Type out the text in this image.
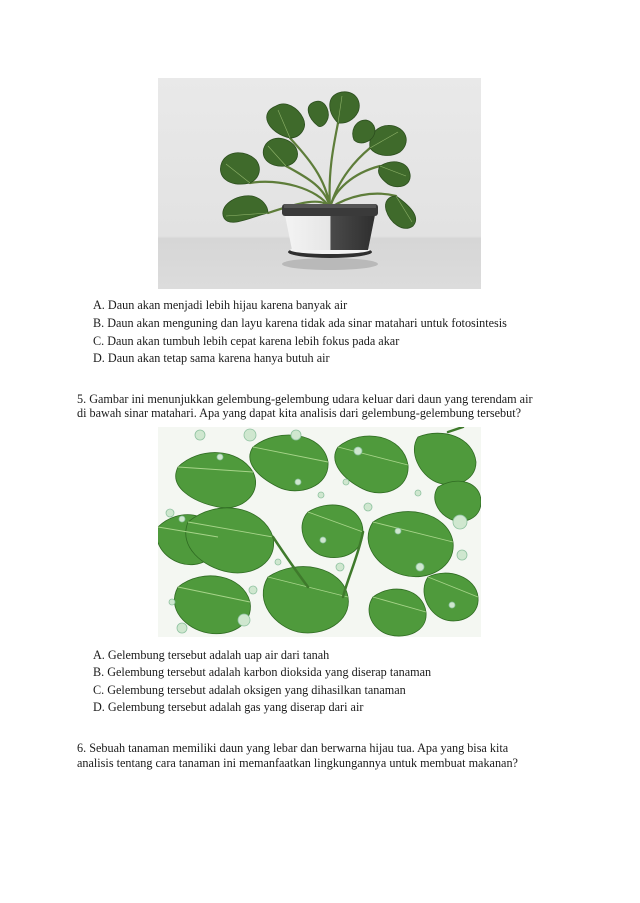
A. Daun akan menjadi lebih hijau karena banyak air
B. Daun akan menguning dan layu karena tidak ada sinar matahari untuk fotosintesis
C. Daun akan tumbuh lebih cepat karena lebih fokus pada akar
D. Daun akan tetap sama karena hanya butuh air
5. Gambar ini menunjukkan gelembung-gelembung udara keluar dari daun yang terendam air
di bawah sinar matahari. Apa yang dapat kita analisis dari gelembung-gelembung tersebut?
A. Gelembung tersebut adalah uap air dari tanah
B. Gelembung tersebut adalah karbon dioksida yang diserap tanaman
C. Gelembung tersebut adalah oksigen yang dihasilkan tanaman
D. Gelembung tersebut adalah gas yang diserap dari air
6. Sebuah tanaman memiliki daun yang lebar dan berwarna hijau tua. Apa yang bisa kita
analisis tentang cara tanaman ini memanfaatkan lingkungannya untuk membuat makanan?
